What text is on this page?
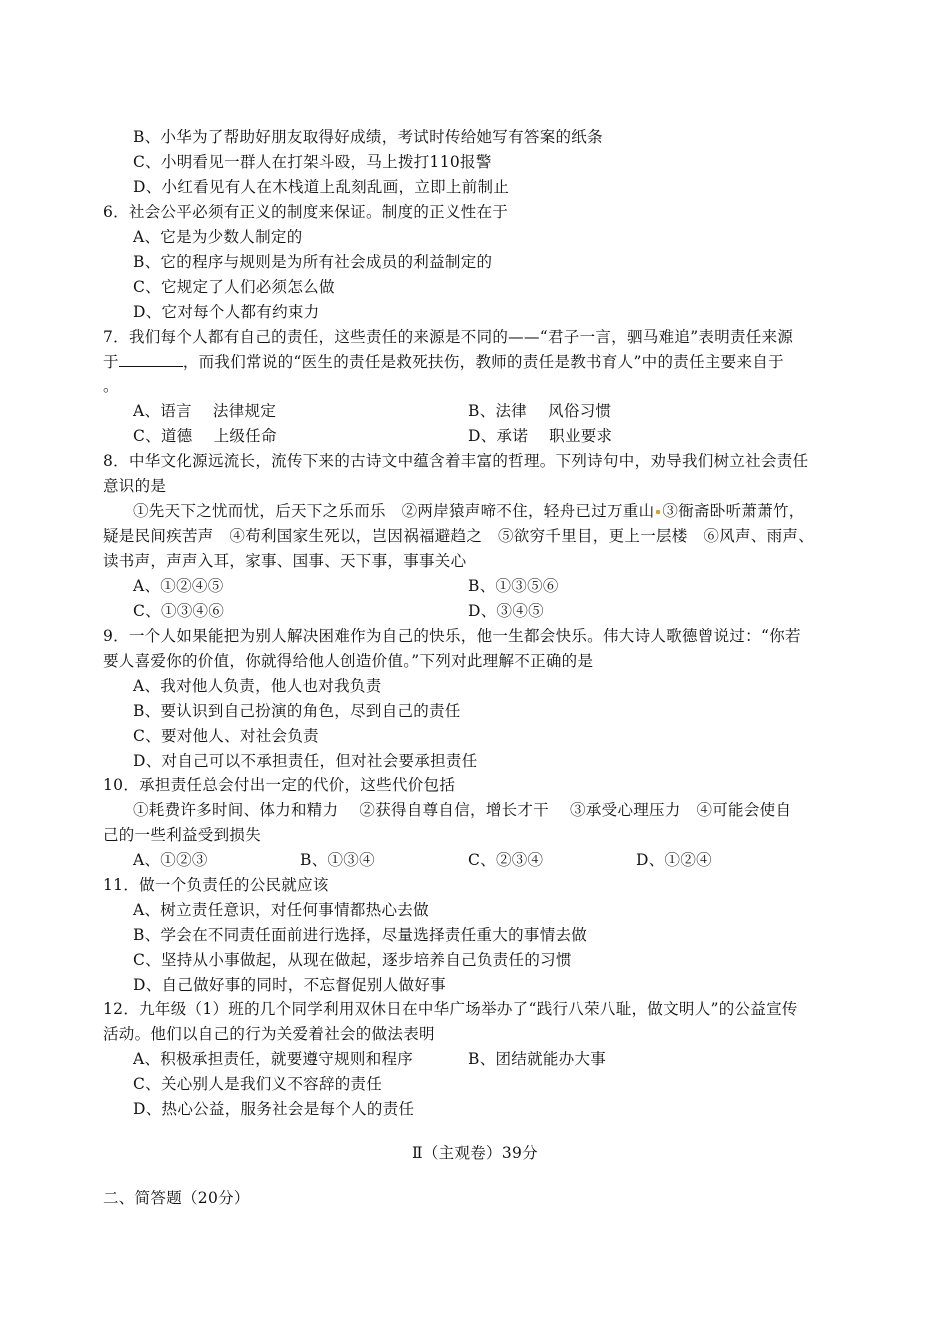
B、小华为了帮助好朋友取得好成绩，考试时传给她写有答案的纸条
C、小明看见一群人在打架斗殴，马上拨打110报警
D、小红看见有人在木栈道上乱刻乱画，立即上前制止
6．社会公平必须有正义的制度来保证。制度的正义性在于
A、它是为少数人制定的
B、它的程序与规则是为所有社会成员的利益制定的
C、它规定了人们必须怎么做
D、它对每个人都有约束力
7．我们每个人都有自己的责任，这些责任的来源是不同的——“君子一言，驷马难追”表明责任来源
于	，而我们常说的“医生的责任是救死扶伤，教师的责任是教书育人”中的责任主要来自于
。
A、语言　 法律规定	B、法律　 风俗习惯
C、道德　 上级任命	D、承诺　 职业要求
8．中华文化源远流长，流传下来的古诗文中蕴含着丰富的哲理。下列诗句中，劝导我们树立社会责任
意识的是
①先天下之忧而忧，后天下之乐而乐　②两岸猿声啼不住，轻舟已过万重山 ③衙斋卧听萧萧竹，
疑是民间疾苦声　④苟利国家生死以，岂因祸福避趋之　⑤欲穷千里目，更上一层楼　⑥风声、雨声、
读书声，声声入耳，家事、国事、天下事，事事关心
A、①②④⑤	B、①③⑤⑥
C、①③④⑥	D、③④⑤
9．一个人如果能把为别人解决困难作为自己的快乐，他一生都会快乐。伟大诗人歌德曾说过：“你若
要人喜爱你的价值，你就得给他人创造价值。”下列对此理解不正确的是
A、我对他人负责，他人也对我负责
B、要认识到自己扮演的角色，尽到自己的责任
C、要对他人、对社会负责
D、对自己可以不承担责任，但对社会要承担责任
10．承担责任总会付出一定的代价，这些代价包括
①耗费许多时间、体力和精力　 ②获得自尊自信，增长才干　 ③承受心理压力　④可能会使自
己的一些利益受到损失
A、①②③	B、①③④	C、②③④	D、①②④
11．做一个负责任的公民就应该
A、树立责任意识，对任何事情都热心去做
B、学会在不同责任面前进行选择，尽量选择责任重大的事情去做
C、坚持从小事做起，从现在做起，逐步培养自己负责任的习惯
D、自己做好事的同时，不忘督促别人做好事
12．九年级（1）班的几个同学利用双休日在中华广场举办了“践行八荣八耻，做文明人”的公益宣传
活动。他们以自己的行为关爱着社会的做法表明
A、积极承担责任，就要遵守规则和程序	B、团结就能办大事
C、关心别人是我们义不容辞的责任
D、热心公益，服务社会是每个人的责任
Ⅱ（主观卷）39分
二、简答题（20分）
